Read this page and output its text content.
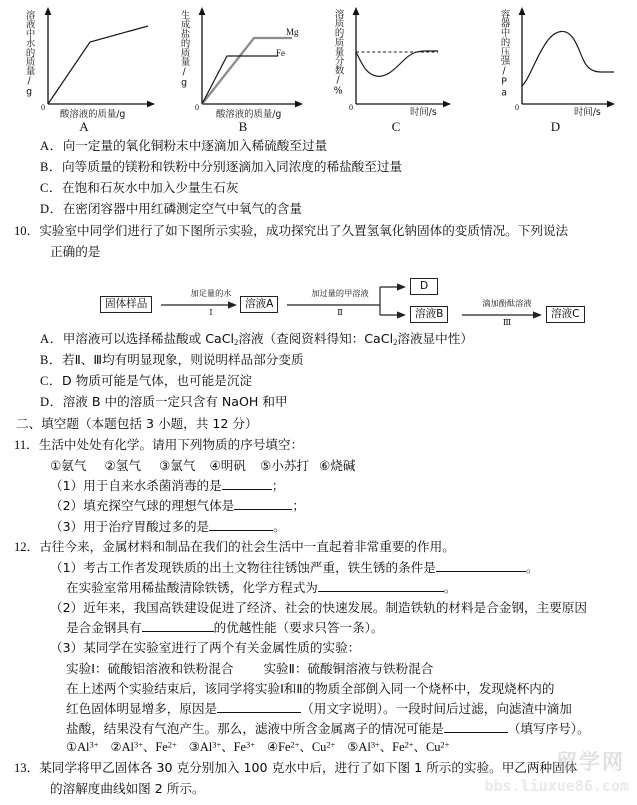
溶液中水的质量/g
0
酸溶液的质量/g
A
生成盐的质量/g
0
Mg
Fe
酸溶液的质量/g
B
溶质的质量分数/%
0	时间/s
C
容器中的压强/Pa
0	时间/s
D
A．向一定量的氧化铜粉末中逐滴加入稀硫酸至过量
B．向等质量的镁粉和铁粉中分别逐滴加入同浓度的稀盐酸至过量
C．在饱和石灰水中加入少量生石灰
D．在密闭容器中用红磷测定空气中氧气的含量
10．实验室中同学们进行了如下图所示实验，成功探究出了久置氢氧化钠固体的变质情况。下列说法
正确的是
固体样品
加足量的水
Ⅰ
溶液A
加过量的甲溶液
Ⅱ
D
溶液B
滴加酚酞溶液
Ⅲ
溶液C
A．甲溶液可以选择稀盐酸或 CaCl$_2$溶液（查阅资料得知：CaCl$_2$溶液显中性）
B．若Ⅱ、Ⅲ均有明显现象，则说明样品部分变质
C．D 物质可能是气体，也可能是沉淀
D．溶液 B 中的溶质一定只含有 NaOH 和甲
二、填空题（本题包括 3 小题，共 12 分）
11．生活中处处有化学。请用下列物质的序号填空：
①氨气 ②氢气 ③氯气 ④明矾 ⑤小苏打 ⑥烧碱
（1）用于自来水杀菌消毒的是	；
（2）填充探空气球的理想气体是	；
（3）用于治疗胃酸过多的是	。
12．古往今来，金属材料和制品在我们的社会生活中一直起着非常重要的作用。
（1）考古工作者发现铁质的出土文物往往锈蚀严重，铁生锈的条件是	。
在实验室常用稀盐酸清除铁锈，化学方程式为	。
（2）近年来，我国高铁建设促进了经济、社会的快速发展。制造铁轨的材料是合金钢，主要原因
是合金钢具有	的优越性能（要求只答一条）。
（3）某同学在实验室进行了两个有关金属性质的实验：
实验Ⅰ：硫酸铝溶液和铁粉混合 实验Ⅱ：硫酸铜溶液与铁粉混合
在上述两个实验结束后，该同学将实验Ⅰ和Ⅱ的物质全部倒入同一个烧杯中，发现烧杯内的
红色固体明显增多，原因是	（用文字说明）。一段时间后过滤，向滤渣中滴加
盐酸，结果没有气泡产生。那么，滤液中所含金属离子的情况可能是	（填写序号）。
$①Al^{3+}$ $②Al^{3+}$、$Fe^{2+}$ $③Al^{3+}$、$Fe^{3+}$ $④Fe^{2+}$、$Cu^{2+}$ $⑤Al^{3+}$、$Fe^{2+}$、$Cu^{2+}$
13．某同学将甲乙固体各 30 克分别加入 100 克水中后，进行了如下图 1 所示的实验。甲乙两种固体
的溶解度曲线如图 2 所示。
留学网
bbs.liuxue86.com
